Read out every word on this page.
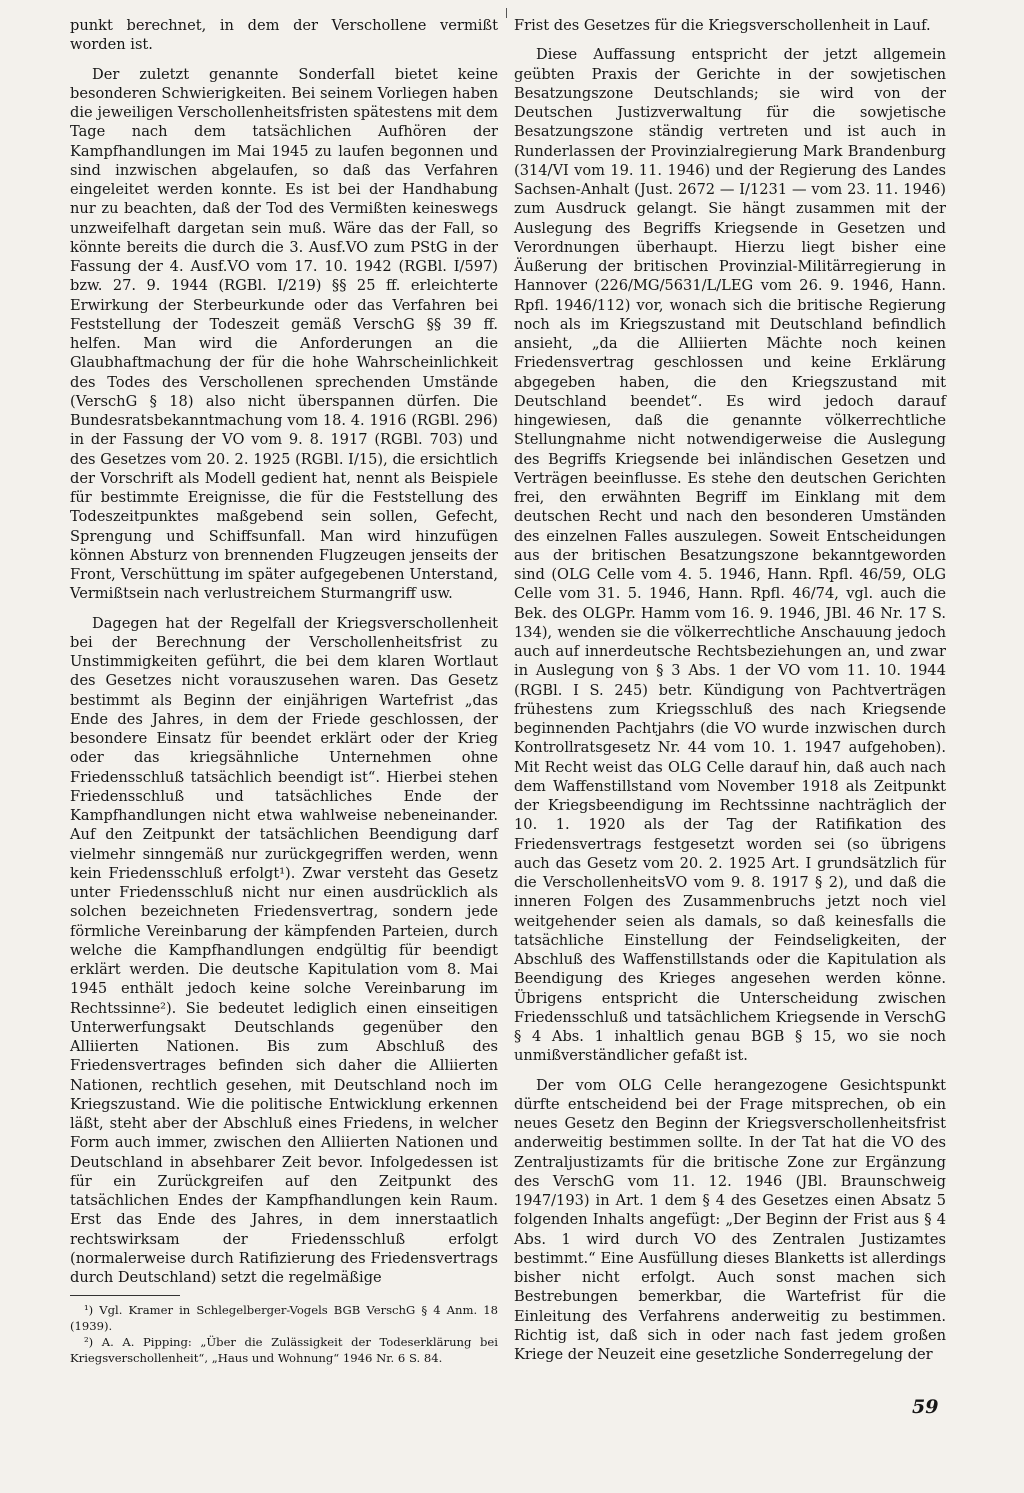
punkt berechnet, in dem der Verschollene vermißt worden ist.

Der zuletzt genannte Sonderfall bietet keine besonderen Schwierigkeiten. Bei seinem Vorliegen haben die jeweiligen Verschollenheitsfristen spätestens mit dem Tage nach dem tatsächlichen Aufhören der Kampfhandlungen im Mai 1945 zu laufen begonnen und sind inzwischen abgelaufen, so daß das Verfahren eingeleitet werden konnte. Es ist bei der Handhabung nur zu beachten, daß der Tod des Vermißten keineswegs unzweifelhaft dargetan sein muß. Wäre das der Fall, so könnte bereits die durch die 3. Ausf.VO zum PStG in der Fassung der 4. Ausf.VO vom 17. 10. 1942 (RGBl. I/597) bzw. 27. 9. 1944 (RGBl. I/219) §§ 25 ff. erleichterte Erwirkung der Sterbeurkunde oder das Verfahren bei Feststellung der Todeszeit gemäß VerschG §§ 39 ff. helfen. Man wird die Anforderungen an die Glaubhaftmachung der für die hohe Wahrscheinlichkeit des Todes des Verschollenen sprechenden Umstände (VerschG § 18) also nicht überspannen dürfen. Die Bundesratsbekanntmachung vom 18. 4. 1916 (RGBl. 296) in der Fassung der VO vom 9. 8. 1917 (RGBl. 703) und des Gesetzes vom 20. 2. 1925 (RGBl. I/15), die ersichtlich der Vorschrift als Modell gedient hat, nennt als Beispiele für bestimmte Ereignisse, die für die Feststellung des Todeszeitpunktes maßgebend sein sollen, Gefecht, Sprengung und Schiffsunfall. Man wird hinzufügen können Absturz von brennenden Flugzeugen jenseits der Front, Verschüttung im später aufgegebenen Unterstand, Vermißtsein nach verlustreichem Sturmangriff usw.

Dagegen hat der Regelfall der Kriegsverschollenheit bei der Berechnung der Verschollenheitsfrist zu Unstimmigkeiten geführt, die bei dem klaren Wortlaut des Gesetzes nicht vorauszusehen waren. Das Gesetz bestimmt als Beginn der einjährigen Wartefrist „das Ende des Jahres, in dem der Friede geschlossen, der besondere Einsatz für beendet erklärt oder der Krieg oder das kriegsähnliche Unternehmen ohne Friedensschluß tatsächlich beendigt ist“. Hierbei stehen Friedensschluß und tatsächliches Ende der Kampfhandlungen nicht etwa wahlweise nebeneinander. Auf den Zeitpunkt der tatsächlichen Beendigung darf vielmehr sinngemäß nur zurückgegriffen werden, wenn kein Friedensschluß erfolgt¹). Zwar versteht das Gesetz unter Friedensschluß nicht nur einen ausdrücklich als solchen bezeichneten Friedensvertrag, sondern jede förmliche Vereinbarung der kämpfenden Parteien, durch welche die Kampfhandlungen endgültig für beendigt erklärt werden. Die deutsche Kapitulation vom 8. Mai 1945 enthält jedoch keine solche Vereinbarung im Rechtssinne²). Sie bedeutet lediglich einen einseitigen Unterwerfungsakt Deutschlands gegenüber den Alliierten Nationen. Bis zum Abschluß des Friedensvertrages befinden sich daher die Alliierten Nationen, rechtlich gesehen, mit Deutschland noch im Kriegszustand. Wie die politische Entwicklung erkennen läßt, steht aber der Abschluß eines Friedens, in welcher Form auch immer, zwischen den Alliierten Nationen und Deutschland in absehbarer Zeit bevor. Infolgedessen ist für ein Zurückgreifen auf den Zeitpunkt des tatsächlichen Endes der Kampfhandlungen kein Raum. Erst das Ende des Jahres, in dem innerstaatlich rechtswirksam der Friedensschluß erfolgt (normalerweise durch Ratifizierung des Friedensvertrags durch Deutschland) setzt die regelmäßige

¹) Vgl. Kramer in Schlegelberger-Vogels BGB VerschG § 4 Anm. 18 (1939).

²) A. A. Pipping: „Über die Zulässigkeit der Todeserklärung bei Kriegsverschollenheit“, „Haus und Wohnung“ 1946 Nr. 6 S. 84.

Frist des Gesetzes für die Kriegsverschollenheit in Lauf.

Diese Auffassung entspricht der jetzt allgemein geübten Praxis der Gerichte in der sowjetischen Besatzungszone Deutschlands; sie wird von der Deutschen Justizverwaltung für die sowjetische Besatzungszone ständig vertreten und ist auch in Runderlassen der Provinzialregierung Mark Brandenburg (314/VI vom 19. 11. 1946) und der Regierung des Landes Sachsen-Anhalt (Just. 2672 — I/1231 — vom 23. 11. 1946) zum Ausdruck gelangt. Sie hängt zusammen mit der Auslegung des Begriffs Kriegsende in Gesetzen und Verordnungen überhaupt. Hierzu liegt bisher eine Äußerung der britischen Provinzial-Militärregierung in Hannover (226/MG/5631/L/LEG vom 26. 9. 1946, Hann. Rpfl. 1946/112) vor, wonach sich die britische Regierung noch als im Kriegszustand mit Deutschland befindlich ansieht, „da die Alliierten Mächte noch keinen Friedensvertrag geschlossen und keine Erklärung abgegeben haben, die den Kriegszustand mit Deutschland beendet“. Es wird jedoch darauf hingewiesen, daß die genannte völkerrechtliche Stellungnahme nicht notwendigerweise die Auslegung des Begriffs Kriegsende bei inländischen Gesetzen und Verträgen beeinflusse. Es stehe den deutschen Gerichten frei, den erwähnten Begriff im Einklang mit dem deutschen Recht und nach den besonderen Umständen des einzelnen Falles auszulegen. Soweit Entscheidungen aus der britischen Besatzungszone bekanntgeworden sind (OLG Celle vom 4. 5. 1946, Hann. Rpfl. 46/59, OLG Celle vom 31. 5. 1946, Hann. Rpfl. 46/74, vgl. auch die Bek. des OLGPr. Hamm vom 16. 9. 1946, JBl. 46 Nr. 17 S. 134), wenden sie die völkerrechtliche Anschauung jedoch auch auf innerdeutsche Rechtsbeziehungen an, und zwar in Auslegung von § 3 Abs. 1 der VO vom 11. 10. 1944 (RGBl. I S. 245) betr. Kündigung von Pachtverträgen frühestens zum Kriegsschluß des nach Kriegsende beginnenden Pachtjahrs (die VO wurde inzwischen durch Kontrollratsgesetz Nr. 44 vom 10. 1. 1947 aufgehoben). Mit Recht weist das OLG Celle darauf hin, daß auch nach dem Waffenstillstand vom November 1918 als Zeitpunkt der Kriegsbeendigung im Rechtssinne nachträglich der 10. 1. 1920 als der Tag der Ratifikation des Friedensvertrags festgesetzt worden sei (so übrigens auch das Gesetz vom 20. 2. 1925 Art. I grundsätzlich für die VerschollenheitsVO vom 9. 8. 1917 § 2), und daß die inneren Folgen des Zusammenbruchs jetzt noch viel weitgehender seien als damals, so daß keinesfalls die tatsächliche Einstellung der Feindseligkeiten, der Abschluß des Waffenstillstands oder die Kapitulation als Beendigung des Krieges angesehen werden könne. Übrigens entspricht die Unterscheidung zwischen Friedensschluß und tatsächlichem Kriegsende in VerschG § 4 Abs. 1 inhaltlich genau BGB § 15, wo sie noch unmißverständlicher gefaßt ist.

Der vom OLG Celle herangezogene Gesichtspunkt dürfte entscheidend bei der Frage mitsprechen, ob ein neues Gesetz den Beginn der Kriegsverschollenheitsfrist anderweitig bestimmen sollte. In der Tat hat die VO des Zentraljustizamts für die britische Zone zur Ergänzung des VerschG vom 11. 12. 1946 (JBl. Braunschweig 1947/193) in Art. 1 dem § 4 des Gesetzes einen Absatz 5 folgenden Inhalts angefügt: „Der Beginn der Frist aus § 4 Abs. 1 wird durch VO des Zentralen Justizamtes bestimmt.“ Eine Ausfüllung dieses Blanketts ist allerdings bisher nicht erfolgt. Auch sonst machen sich Bestrebungen bemerkbar, die Wartefrist für die Einleitung des Verfahrens anderweitig zu bestimmen. Richtig ist, daß sich in oder nach fast jedem großen Kriege der Neuzeit eine gesetzliche Sonderregelung der

59
